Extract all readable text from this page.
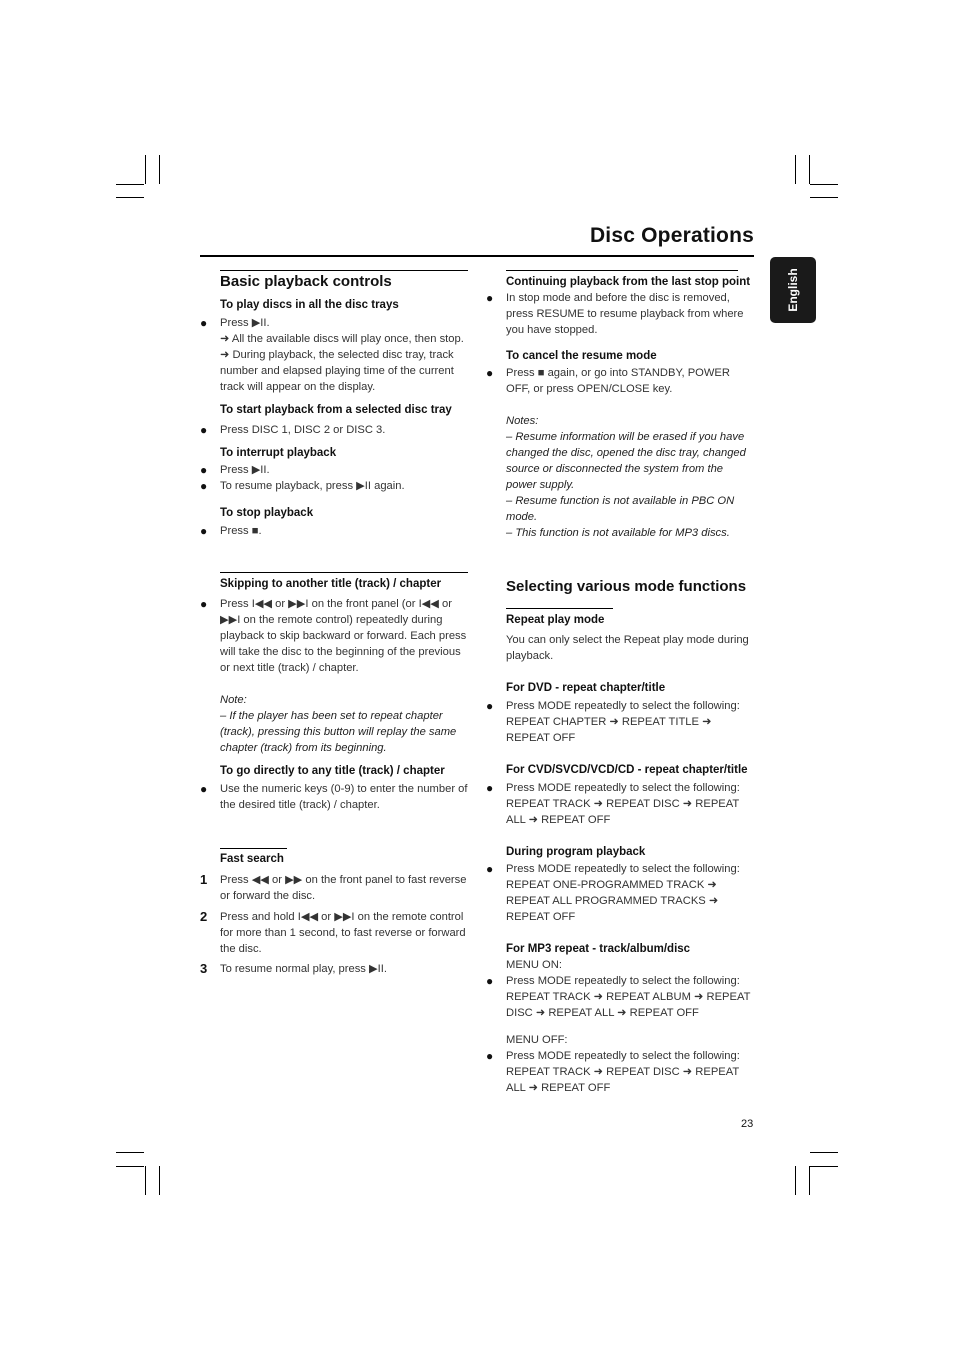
Disc Operations
English

Basic playback controls

To play discs in all the disc trays

● Press ▶II.

➜ All the available discs will play once, then stop.

➜ During playback, the selected disc tray, track number and elapsed playing time of the current track will appear on the display.

To start playback from a selected disc tray

● Press DISC 1, DISC 2 or DISC 3.

To interrupt playback

● Press ▶II.

● To resume playback, press ▶II again.

To stop playback

● Press ■.

Skipping to another title (track) / chapter

● Press I◀◀ or ▶▶I on the front panel (or I◀◀ or ▶▶I on the remote control) repeatedly during playback to skip backward or forward. Each press will take the disc to the beginning of the previous or next title (track) / chapter.

Note:

– If the player has been set to repeat chapter (track), pressing this button will replay the same chapter (track) from its beginning.

To go directly to any title (track) / chapter

● Use the numeric keys (0-9) to enter the number of the desired title (track) / chapter.

Fast search

1 Press ◀◀ or ▶▶ on the front panel to fast reverse or forward the disc.

2 Press and hold I◀◀ or ▶▶I on the remote control for more than 1 second, to fast reverse or forward the disc.

3 To resume normal play, press ▶II.

Continuing playback from the last stop point

● In stop mode and before the disc is removed, press RESUME to resume playback from where you have stopped.

To cancel the resume mode

● Press ■ again, or go into STANDBY, POWER OFF, or press OPEN/CLOSE key.

Notes:

– Resume information will be erased if you have changed the disc, opened the disc tray, changed source or disconnected the system from the power supply.

– Resume function is not available in PBC ON mode.

– This function is not available for MP3 discs.

Selecting various mode functions

Repeat play mode

You can only select the Repeat play mode during playback.

For DVD - repeat chapter/title

● Press MODE repeatedly to select the following: REPEAT CHAPTER ➜ REPEAT TITLE ➜ REPEAT OFF

For CVD/SVCD/VCD/CD - repeat chapter/title

● Press MODE repeatedly to select the following: REPEAT TRACK ➜ REPEAT DISC ➜ REPEAT ALL ➜ REPEAT OFF

During program playback

● Press MODE repeatedly to select the following: REPEAT ONE-PROGRAMMED TRACK ➜ REPEAT ALL PROGRAMMED TRACKS ➜ REPEAT OFF

For MP3 repeat - track/album/disc

MENU ON:

● Press MODE repeatedly to select the following: REPEAT TRACK ➜ REPEAT ALBUM ➜ REPEAT DISC ➜ REPEAT ALL ➜ REPEAT OFF

MENU OFF:

● Press MODE repeatedly to select the following: REPEAT TRACK ➜ REPEAT DISC ➜ REPEAT ALL ➜ REPEAT OFF

23
